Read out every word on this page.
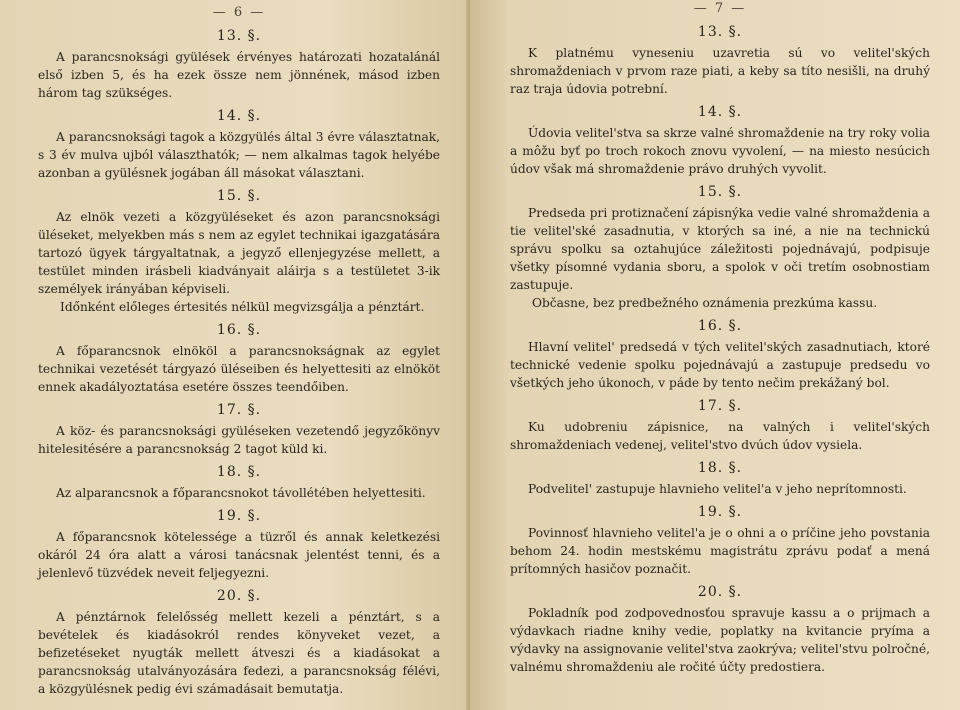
— 6 —
13. §.

A parancsnoksági gyülések érvényes határozati hozatalánál első izben 5, és ha ezek össze nem jönnének, másod izben három tag szükséges.

14. §.

A parancsnoksági tagok a közgyülés által 3 évre választatnak, s 3 év mulva ujból választhatók; — nem alkalmas tagok helyébe azonban a gyülésnek jogában áll másokat választani.

15. §.

Az elnök vezeti a közgyüléseket és azon parancsnoksági üléseket, melyekben más s nem az egylet technikai igazgatására tartozó ügyek tárgyaltatnak, a jegyző ellenjegyzése mellett, a testület minden irásbeli kiadványait aláirja s a testületet 3-ik személyek irányában képviseli.

Időnként előleges értesités nélkül megvizsgálja a pénztárt.

16. §.

A főparancsnok elnököl a parancsnokságnak az egylet technikai vezetését tárgyazó üléseiben és helyettesiti az elnököt ennek akadályoztatása esetére összes teendőiben.

17. §.

A köz- és parancsnoksági gyüléseken vezetendő jegyzőkönyv hitelesitésére a parancsnokság 2 tagot küld ki.

18. §.

Az alparancsnok a főparancsnokot távollétében helyettesiti.

19. §.

A főparancsnok kötelessége a tüzről és annak keletkezési okáról 24 óra alatt a városi tanácsnak jelentést tenni, és a jelenlevő tüzvédek neveit feljegyezni.

20. §.

A pénztárnok felelősség mellett kezeli a pénztárt, s a bevételek és kiadásokról rendes könyveket vezet, a befizetéseket nyugták mellett átveszi és a kiadásokat a parancsnokság utalványozására fedezi, a parancsnokság félévi, a közgyülésnek pedig évi számadásait bemutatja.

— 7 —
13. §.

K platnému vyneseniu uzavretia sú vo velitel'ských shromaždeniach v prvom raze piati, a keby sa títo nesišli, na druhý raz traja údovia potrební.

14. §.

Údovia velitel'stva sa skrze valné shromaždenie na try roky volia a môžu byť po troch rokoch znovu vyvolení, — na miesto nesúcich údov však má shromaždenie právo druhých vyvolit.

15. §.

Predseda pri protiznačení zápisnýka vedie valné shromaždenia a tie velitel'ské zasadnutia, v ktorých sa iné, a nie na technickú správu spolku sa oztahujúce záležitosti pojednávajú, podpisuje všetky písomné vydania sboru, a spolok v oči tretím osobnostiam zastupuje.

Občasne, bez predbežného oznámenia prezkúma kassu.

16. §.

Hlavní velitel' predsedá v tých velitel'ských zasadnutiach, ktoré technické vedenie spolku pojednávajú a zastupuje predsedu vo všetkých jeho úkonoch, v páde by tento nečim prekážaný bol.

17. §.

Ku udobreniu zápisnice, na valných i velitel'ských shromaždeniach vedenej, velitel'stvo dvúch údov vysiela.

18. §.

Podvelitel' zastupuje hlavnieho velitel'a v jeho neprítomnosti.

19. §.

Povinnosť hlavnieho velitel'a je o ohni a o príčine jeho povstania behom 24. hodin mestskému magistrátu zprávu podať a mená prítomných hasičov poznačit.

20. §.

Pokladník pod zodpovednosťou spravuje kassu a o prijmach a výdavkach riadne knihy vedie, poplatky na kvitancie pryíma a výdavky na assignovanie velitel'stva zaokrýva; velitel'stvu polročné, valnému shromaždeniu ale ročité účty predostiera.
